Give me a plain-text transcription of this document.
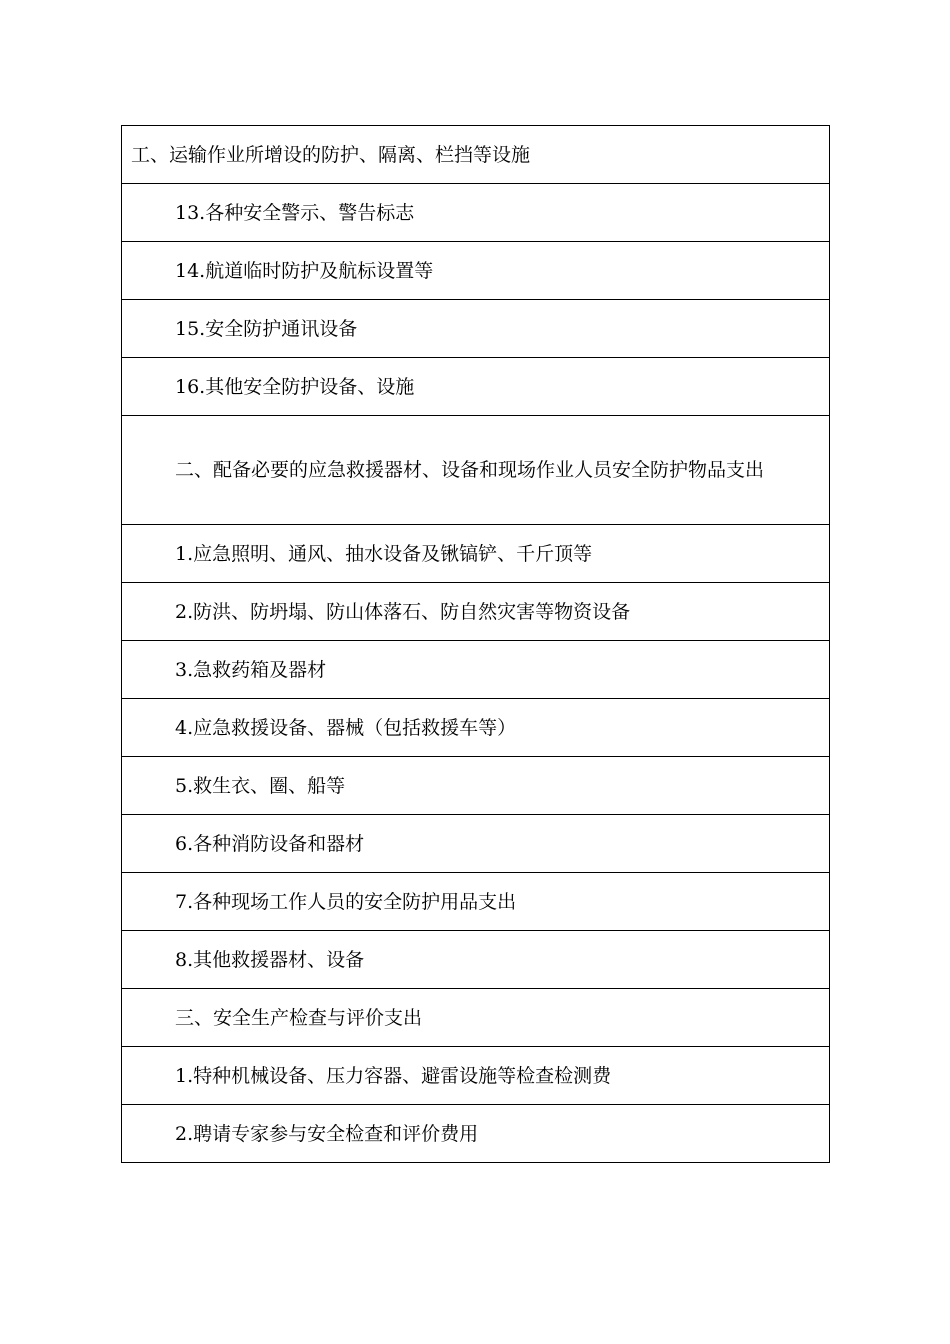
工、运输作业所增设的防护、隔离、栏挡等设施
13.各种安全警示、警告标志
14.航道临时防护及航标设置等
15.安全防护通讯设备
16.其他安全防护设备、设施
二、配备必要的应急救援器材、设备和现场作业人员安全防护物品支出
1.应急照明、通风、抽水设备及锹镐铲、千斤顶等
2.防洪、防坍塌、防山体落石、防自然灾害等物资设备
3.急救药箱及器材
4.应急救援设备、器械（包括救援车等）
5.救生衣、圈、船等
6.各种消防设备和器材
7.各种现场工作人员的安全防护用品支出
8.其他救援器材、设备
三、安全生产检查与评价支出
1.特种机械设备、压力容器、避雷设施等检查检测费
2.聘请专家参与安全检查和评价费用
